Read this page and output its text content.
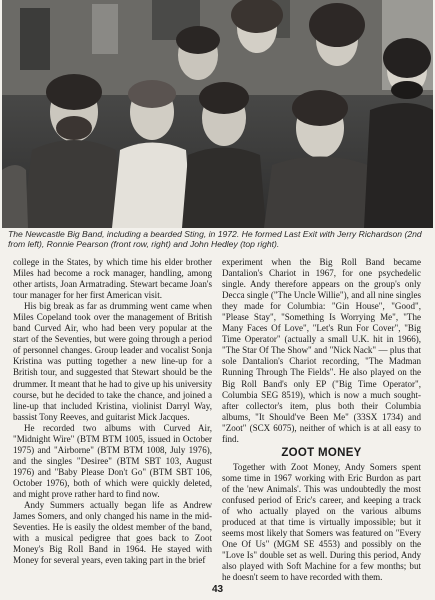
The Newcastle Big Band, including a bearded Sting, in 1972. He formed Last Exit with Jerry Richardson (2nd from left), Ronnie Pearson (front row, right) and John Hedley (top right).

college in the States, by which time his elder brother Miles had become a rock manager, handling, among other artists, Joan Armatrading. Stewart became Joan's tour manager for her first American visit.

His big break as far as drumming went came when Miles Copeland took over the management of British band Curved Air, who had been very popular at the start of the Seventies, but were going through a period of personnel changes. Group leader and vocalist Sonja Kristina was putting together a new line-up for a British tour, and suggested that Stewart should be the drummer. It meant that he had to give up his university course, but he decided to take the chance, and joined a line-up that included Kristina, violinist Darryl Way, bassist Tony Reeves, and guitarist Mick Jacques.

He recorded two albums with Curved Air, "Midnight Wire" (BTM BTM 1005, issued in October 1975) and "Airborne" (BTM BTM 1008, July 1976), and the singles "Desiree" (BTM SBT 103, August 1976) and "Baby Please Don't Go" (BTM SBT 106, October 1976), both of which were quickly deleted, and might prove rather hard to find now.

Andy Summers actually began life as Andrew James Somers, and only changed his name in the mid-Seventies. He is easily the oldest member of the band, with a musical pedigree that goes back to Zoot Money's Big Roll Band in 1964. He stayed with Money for several years, even taking part in the brief

experiment when the Big Roll Band became Dantalion's Chariot in 1967, for one psychedelic single. Andy therefore appears on the group's only Decca single ("The Uncle Willie"), and all nine singles they made for Columbia: "Gin House", "Good", "Please Stay", "Something Is Worrying Me", "The Many Faces Of Love", "Let's Run For Cover", "Big Time Operator" (actually a small U.K. hit in 1966), "The Star Of The Show" and "Nick Nack" — plus that sole Dantalion's Chariot recording, "The Madman Running Through The Fields". He also played on the Big Roll Band's only EP ("Big Time Operator", Columbia SEG 8519), which is now a much sought-after collector's item, plus both their Columbia albums, "It Should've Been Me" (33SX 1734) and "Zoot" (SCX 6075), neither of which is at all easy to find.

ZOOT MONEY

Together with Zoot Money, Andy Somers spent some time in 1967 working with Eric Burdon as part of the 'new Animals'. This was undoubtedly the most confused period of Eric's career, and keeping a track of who actually played on the various albums produced at that time is virtually impossible; but it seems most likely that Somers was featured on "Every One Of Us" (MGM SE 4553) and possibly on the "Love Is" double set as well. During this period, Andy also played with Soft Machine for a few months; but he doesn't seem to have recorded with them.

43
